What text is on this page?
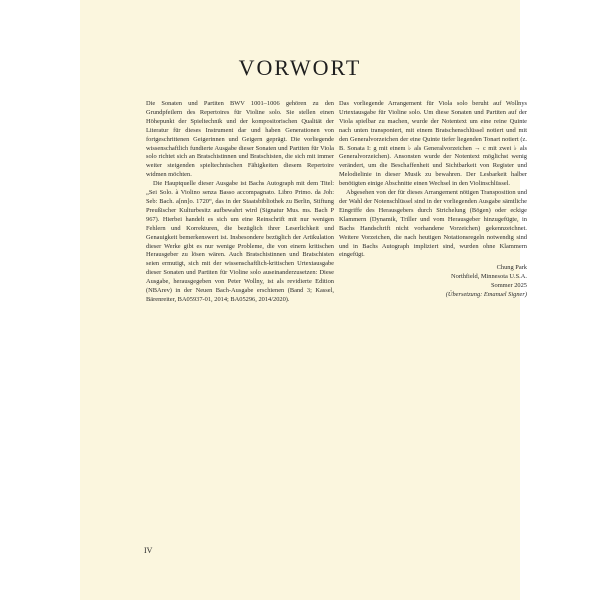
VORWORT

Die Sonaten und Partiten BWV 1001–1006 gehören zu den Grundpfeilern des Repertoires für Violine solo. Sie stellen einen Höhepunkt der Spieltechnik und der kompositorischen Qualität der Literatur für dieses Instrument dar und haben Generationen von fortgeschrittenen Geigerinnen und Geigern geprägt. Die vorliegende wissenschaftlich fundierte Ausgabe dieser Sonaten und Partiten für Viola solo richtet sich an Bratschistinnen und Bratschisten, die sich mit immer weiter steigenden spieltechnischen Fähigkeiten diesem Repertoire widmen möchten.

Die Hauptquelle dieser Ausgabe ist Bachs Autograph mit dem Titel: „Sei Solo. à Violino senza Basso accompagnato. Libro Primo. da Joh: Seb: Bach. a[nn]o. 1720“, das in der Staatsbibliothek zu Berlin, Stiftung Preußischer Kulturbesitz aufbewahrt wird (Signatur Mus. ms. Bach P 967). Hierbei handelt es sich um eine Reinschrift mit nur wenigen Fehlern und Korrekturen, die bezüglich ihrer Leserlichkeit und Genauigkeit bemerkenswert ist. Insbesondere bezüglich der Artikulation dieser Werke gibt es nur wenige Probleme, die von einem kritischen Herausgeber zu lösen wären. Auch Bratschistinnen und Bratschisten seien ermutigt, sich mit der wissenschaftlich-kritischen Urtextausgabe dieser Sonaten und Partiten für Violine solo auseinanderzusetzen: Diese Ausgabe, herausgegeben von Peter Wollny, ist als revidierte Edition (NBArev) in der Neuen Bach-Ausgabe erschienen (Band 3; Kassel, Bärenreiter, BA05937-01, 2014; BA05296, 2014/2020).

Das vorliegende Arrangement für Viola solo beruht auf Wollnys Urtextausgabe für Violine solo. Um diese Sonaten und Partiten auf der Viola spielbar zu machen, wurde der Notentext um eine reine Quinte nach unten transponiert, mit einem Bratschenschlüssel notiert und mit den Generalvorzeichen der eine Quinte tiefer liegenden Tonart notiert (z. B. Sonata I: g mit einem ♭ als Generalvorzeichen → c mit zwei ♭ als Generalvorzeichen). Ansonsten wurde der Notentext möglichst wenig verändert, um die Beschaffenheit und Sichtbarkeit von Register und Melodielinie in dieser Musik zu bewahren. Der Lesbarkeit halber benötigten einige Abschnitte einen Wechsel in den Violinschlüssel.

Abgesehen von der für dieses Arrangement nötigen Transposition und der Wahl der Notenschlüssel sind in der vorliegenden Ausgabe sämtliche Eingriffe des Herausgebers durch Strichelung (Bögen) oder eckige Klammern (Dynamik, Triller und vom Herausgeber hinzugefügte, in Bachs Handschrift nicht vorhandene Vorzeichen) gekennzeichnet. Weitere Vorzeichen, die nach heutigen Notationsregeln notwendig sind und in Bachs Autograph impliziert sind, wurden ohne Klammern eingefügt.

Chung Park
Northfield, Minnesota U.S.A.
Sommer 2025
(Übersetzung: Emanuel Signer)
IV
